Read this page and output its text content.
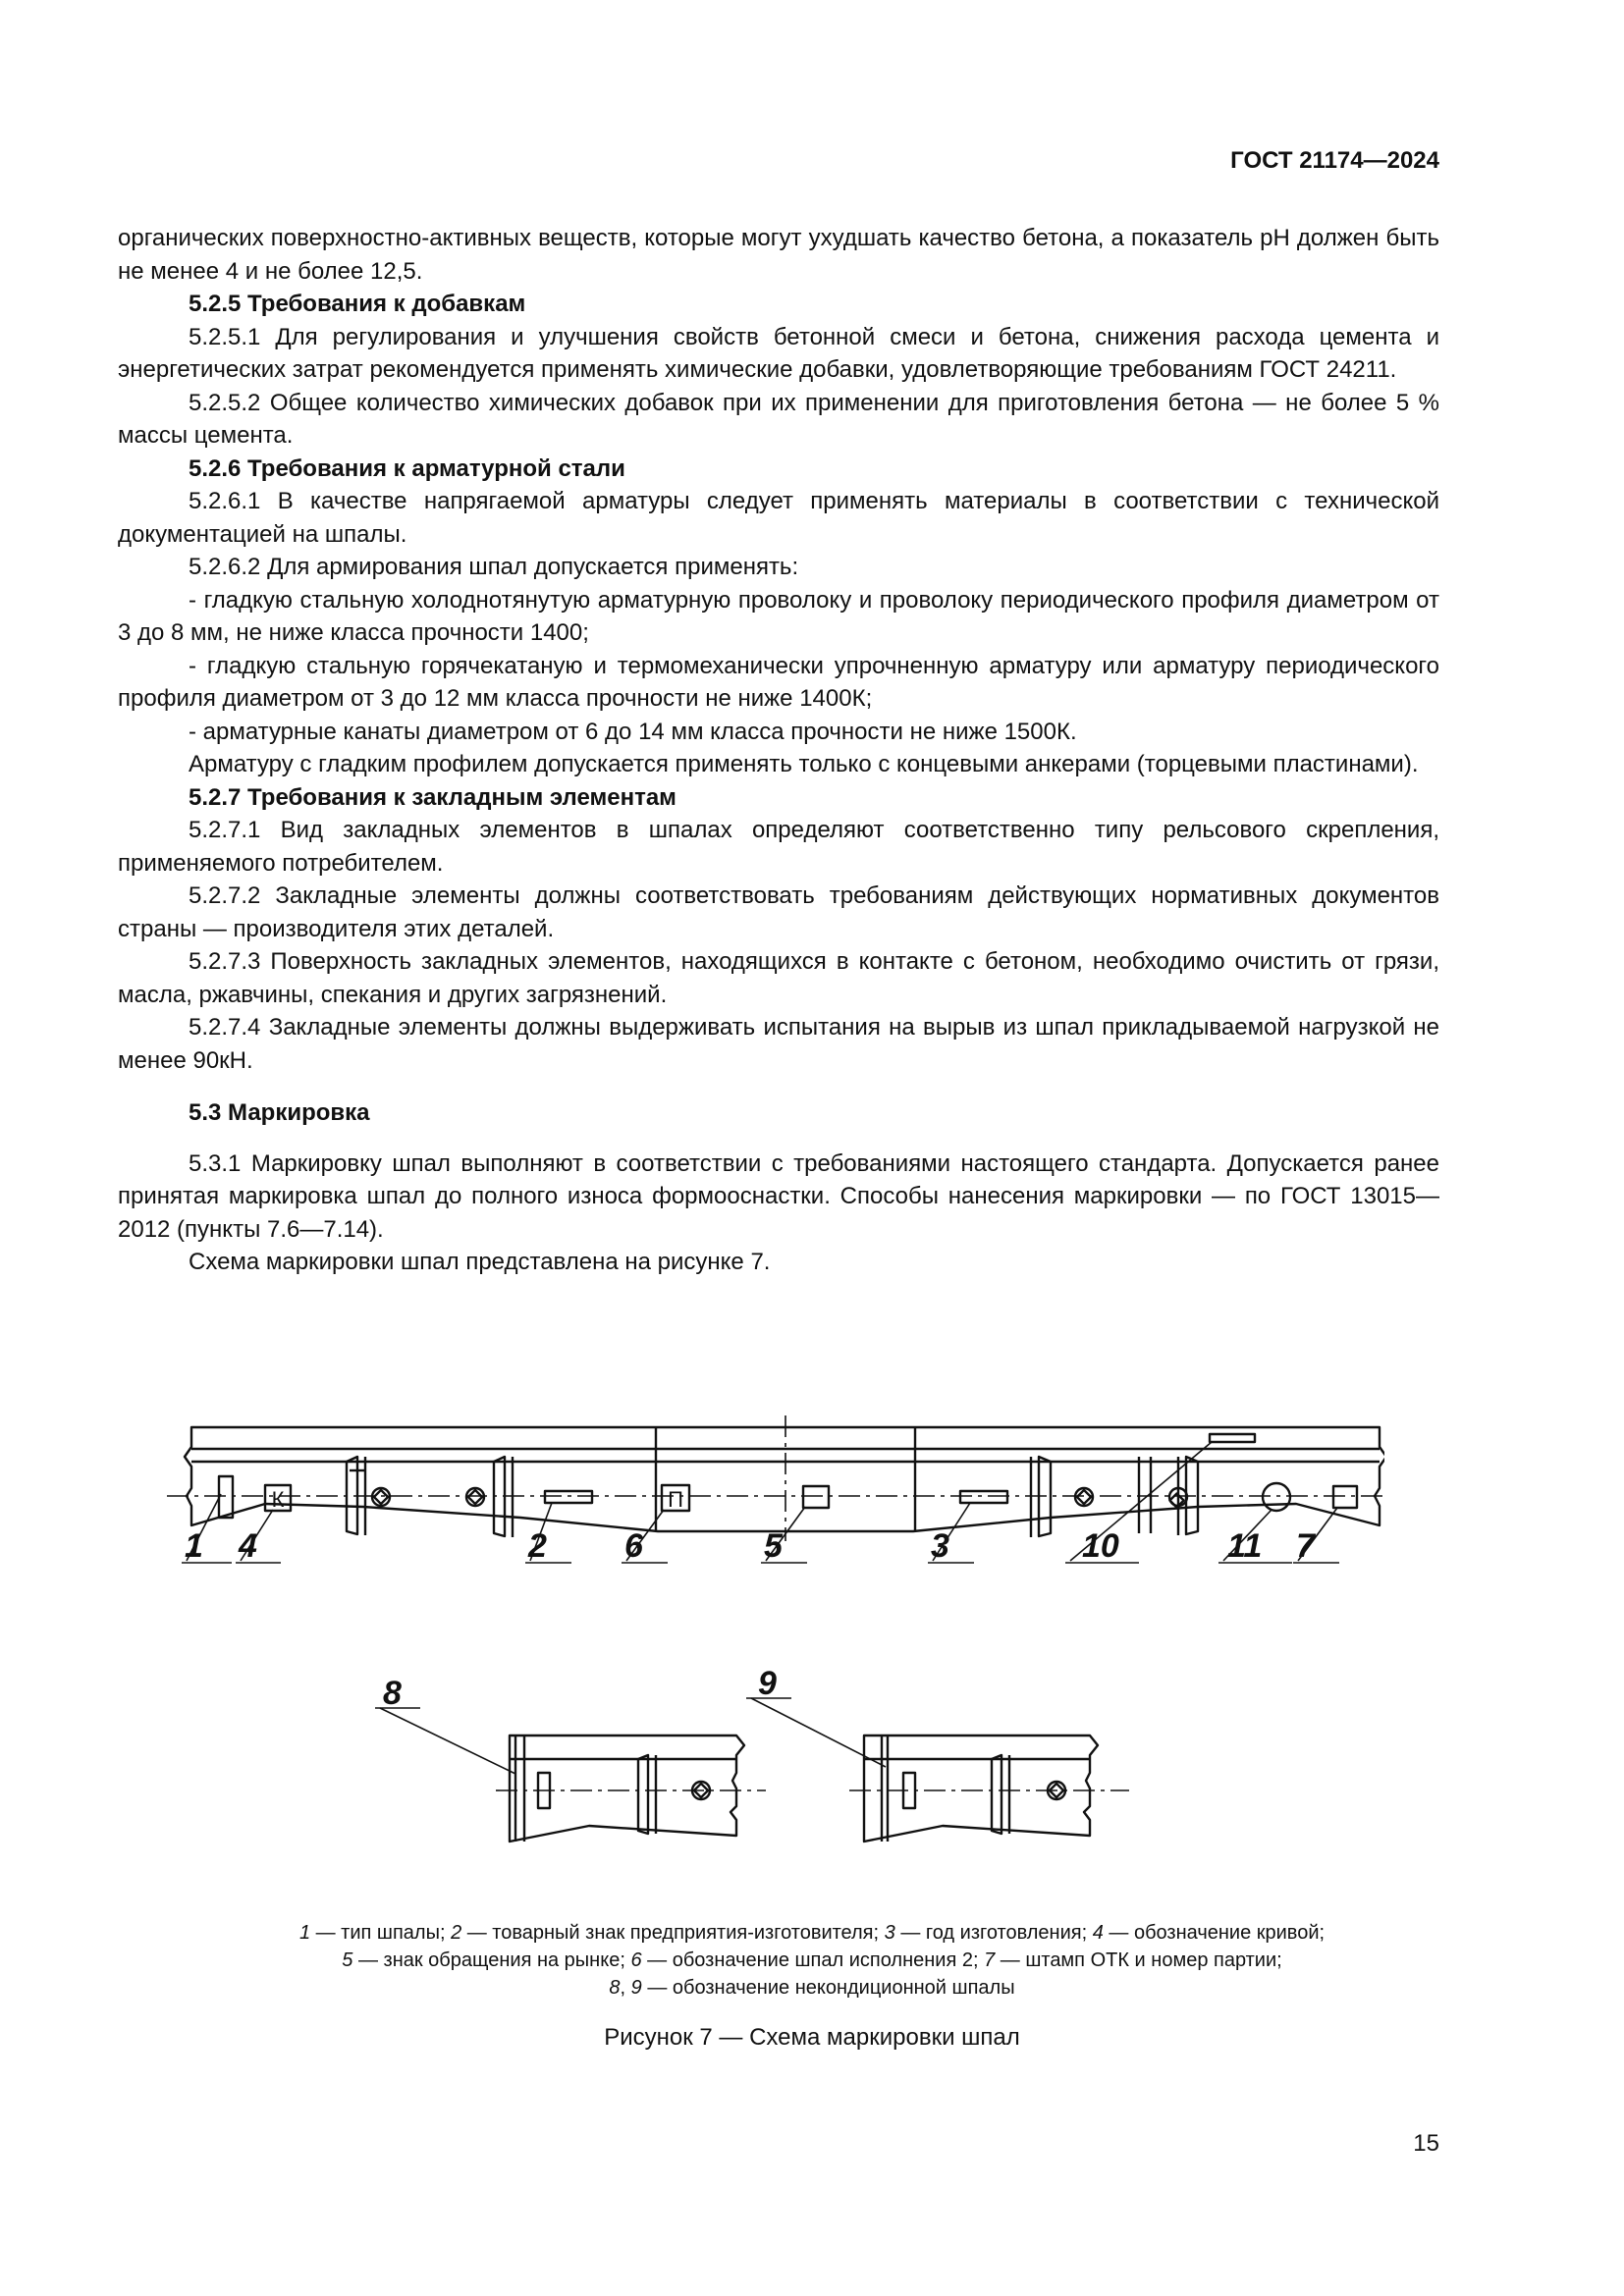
ГОСТ 21174—2024

органических поверхностно-активных веществ, которые могут ухудшать качество бетона, а показатель рН должен быть не менее 4 и не более 12,5.

5.2.5 Требования к добавкам

5.2.5.1 Для регулирования и улучшения свойств бетонной смеси и бетона, снижения расхода цемента и энергетических затрат рекомендуется применять химические добавки, удовлетворяющие требованиям ГОСТ 24211.

5.2.5.2 Общее количество химических добавок при их применении для приготовления бетона — не более 5 % массы цемента.

5.2.6 Требования к арматурной стали

5.2.6.1 В качестве напрягаемой арматуры следует применять материалы в соответствии с технической документацией на шпалы.

5.2.6.2 Для армирования шпал допускается применять:

- гладкую стальную холоднотянутую арматурную проволоку и проволоку периодического профиля диаметром от 3 до 8 мм, не ниже класса прочности 1400;

- гладкую стальную горячекатаную и термомеханически упрочненную арматуру или арматуру периодического профиля диаметром от 3 до 12 мм класса прочности не ниже 1400К;

- арматурные канаты диаметром от 6 до 14 мм класса прочности не ниже 1500К.

Арматуру с гладким профилем допускается применять только с концевыми анкерами (торцевыми пластинами).

5.2.7 Требования к закладным элементам

5.2.7.1 Вид закладных элементов в шпалах определяют соответственно типу рельсового скрепления, применяемого потребителем.

5.2.7.2 Закладные элементы должны соответствовать требованиям действующих нормативных документов страны — производителя этих деталей.

5.2.7.3 Поверхность закладных элементов, находящихся в контакте с бетоном, необходимо очистить от грязи, масла, ржавчины, спекания и других загрязнений.

5.2.7.4 Закладные элементы должны выдерживать испытания на вырыв из шпал прикладываемой нагрузкой не менее 90кН.

5.3 Маркировка

5.3.1 Маркировку шпал выполняют в соответствии с требованиями настоящего стандарта. Допускается ранее принятая маркировка шпал до полного износа формооснастки. Способы нанесения маркировки — по ГОСТ 13015—2012 (пункты 7.6—7.14).

Схема маркировки шпал представлена на рисунке 7.

К	П
1 4	2 6	5	3	10	11 7
8	9

1 — тип шпалы; 2 — товарный знак предприятия-изготовителя; 3 — год изготовления; 4 — обозначение кривой;

5 — знак обращения на рынке; 6 — обозначение шпал исполнения 2; 7 — штамп ОТК и номер партии;

8, 9 — обозначение некондиционной шпалы

Рисунок 7 — Схема маркировки шпал
15
